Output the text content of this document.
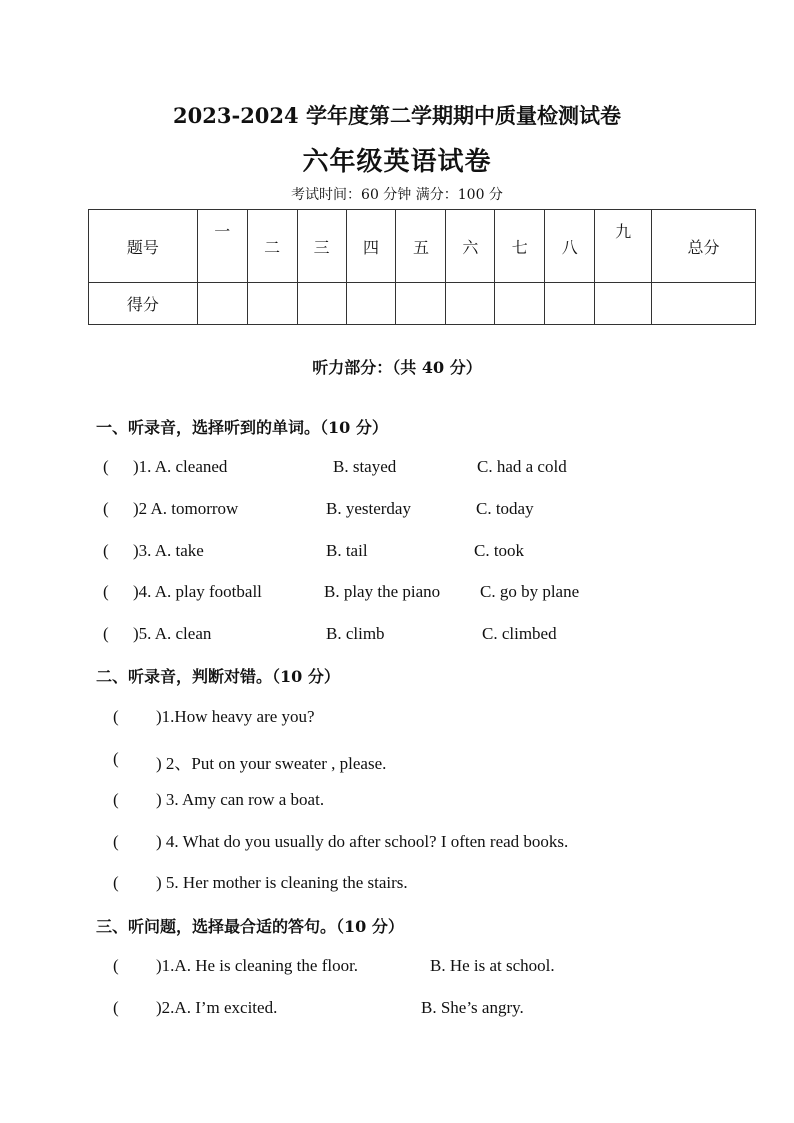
2023-2024 学年度第二学期期中质量检测试卷
六年级英语试卷
考试时间：60 分钟 满分：100 分
题号	一	二	三	四	五	六	七	八	九	总分
得分										
听力部分：（共 40 分）
一、听录音，选择听到的单词。（10 分）
( )1. A. cleaned	B. stayed	C. had a cold
( )2 A. tomorrow	B. yesterday	C. today
( )3. A. take	B. tail	C. took
( )4. A. play football	B. play the piano C. go by plane
( )5. A. clean	B. climb	C. climbed
二、听录音，判断对错。（10 分）
( )1.How heavy are you?
( ) 2、Put on your sweater , please.
( ) 3. Amy can row a boat.
( ) 4. What do you usually do after school? I often read books.
( ) 5. Her mother is cleaning the stairs.
三、听问题，选择最合适的答句。（10 分）
( )1.A. He is cleaning the floor.	B. He is at school.
( )2.A. I’m excited.	B. She’s angry.
